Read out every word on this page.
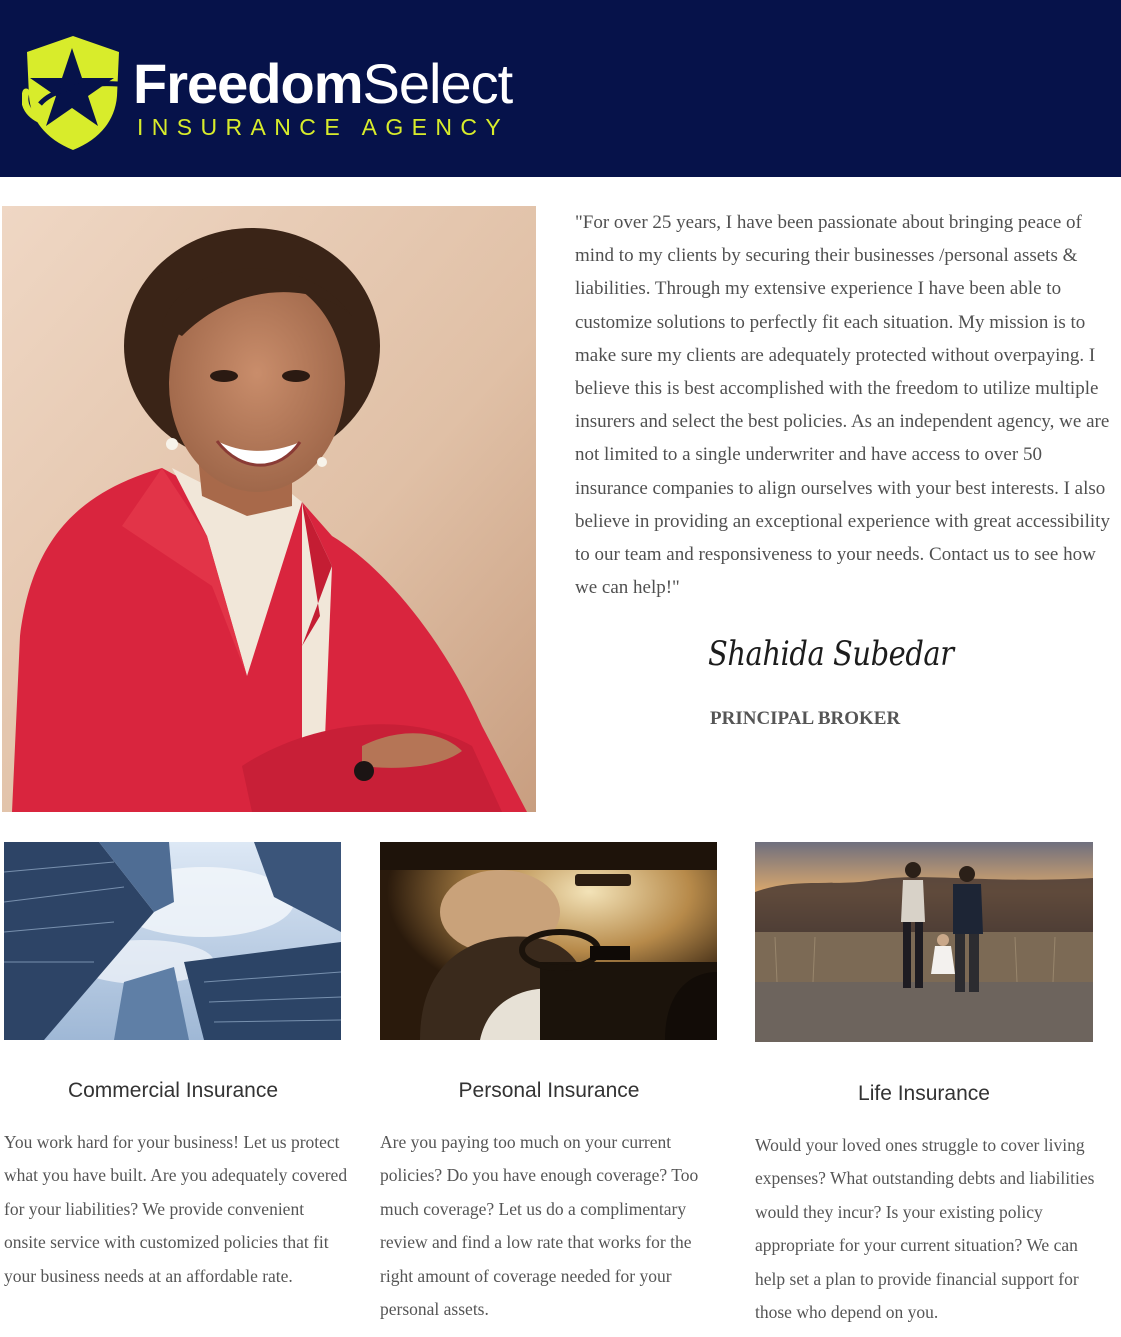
FreedomSelect
INSURANCE AGENCY
"For over 25 years, I have been passionate about bringing peace of mind to my clients by securing their businesses /personal assets & liabilities. Through my extensive experience I have been able to customize solutions to perfectly fit each situation. My mission is to make sure my clients are adequately protected without overpaying. I believe this is best accomplished with the freedom to utilize multiple insurers and select the best policies. As an independent agency, we are not limited to a single underwriter and have access to over 50 insurance companies to align ourselves with your best interests. I also believe in providing an exceptional experience with great accessibility to our team and responsiveness to your needs. Contact us to see how we can help!"
Shahida Subedar
PRINCIPAL BROKER
Commercial Insurance
You work hard for your business! Let us protect what you have built. Are you adequately covered for your liabilities? We provide convenient onsite service with customized policies that fit your business needs at an affordable rate.
Personal Insurance
Are you paying too much on your current policies? Do you have enough coverage? Too much coverage? Let us do a complimentary review and find a low rate that works for the right amount of coverage needed for your personal assets.
Life Insurance
Would your loved ones struggle to cover living expenses? What outstanding debts and liabilities would they incur? Is your existing policy appropriate for your current situation? We can help set a plan to provide financial support for those who depend on you.
